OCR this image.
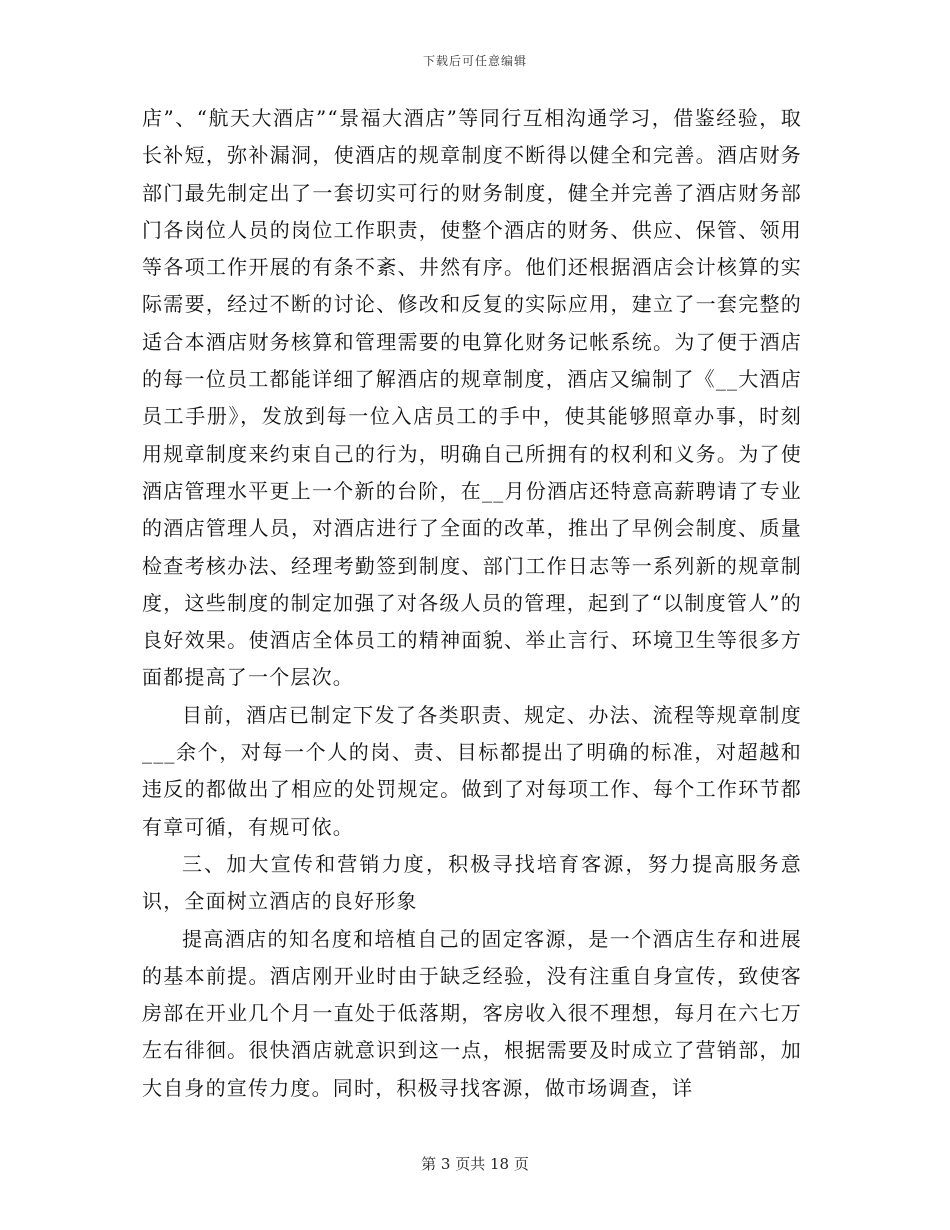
下载后可任意编辑

店”、“航天大酒店”“景福大酒店”等同行互相沟通学习，借鉴经验，取长补短，弥补漏洞，使酒店的规章制度不断得以健全和完善。酒店财务部门最先制定出了一套切实可行的财务制度，健全并完善了酒店财务部门各岗位人员的岗位工作职责，使整个酒店的财务、供应、保管、领用等各项工作开展的有条不紊、井然有序。他们还根据酒店会计核算的实际需要，经过不断的讨论、修改和反复的实际应用，建立了一套完整的适合本酒店财务核算和管理需要的电算化财务记帐系统。为了便于酒店的每一位员工都能详细了解酒店的规章制度，酒店又编制了《__大酒店员工手册》，发放到每一位入店员工的手中，使其能够照章办事，时刻用规章制度来约束自己的行为，明确自己所拥有的权利和义务。为了使酒店管理水平更上一个新的台阶，在__月份酒店还特意高薪聘请了专业的酒店管理人员，对酒店进行了全面的改革，推出了早例会制度、质量检查考核办法、经理考勤签到制度、部门工作日志等一系列新的规章制度，这些制度的制定加强了对各级人员的管理，起到了“以制度管人”的良好效果。使酒店全体员工的精神面貌、举止言行、环境卫生等很多方面都提高了一个层次。

目前，酒店已制定下发了各类职责、规定、办法、流程等规章制度___余个，对每一个人的岗、责、目标都提出了明确的标准，对超越和违反的都做出了相应的处罚规定。做到了对每项工作、每个工作环节都有章可循，有规可依。

三、加大宣传和营销力度，积极寻找培育客源，努力提高服务意识，全面树立酒店的良好形象

提高酒店的知名度和培植自己的固定客源，是一个酒店生存和进展的基本前提。酒店刚开业时由于缺乏经验，没有注重自身宣传，致使客房部在开业几个月一直处于低落期，客房收入很不理想，每月在六七万左右徘徊。很快酒店就意识到这一点，根据需要及时成立了营销部，加大自身的宣传力度。同时，积极寻找客源，做市场调查，详

第 3 页共 18 页
